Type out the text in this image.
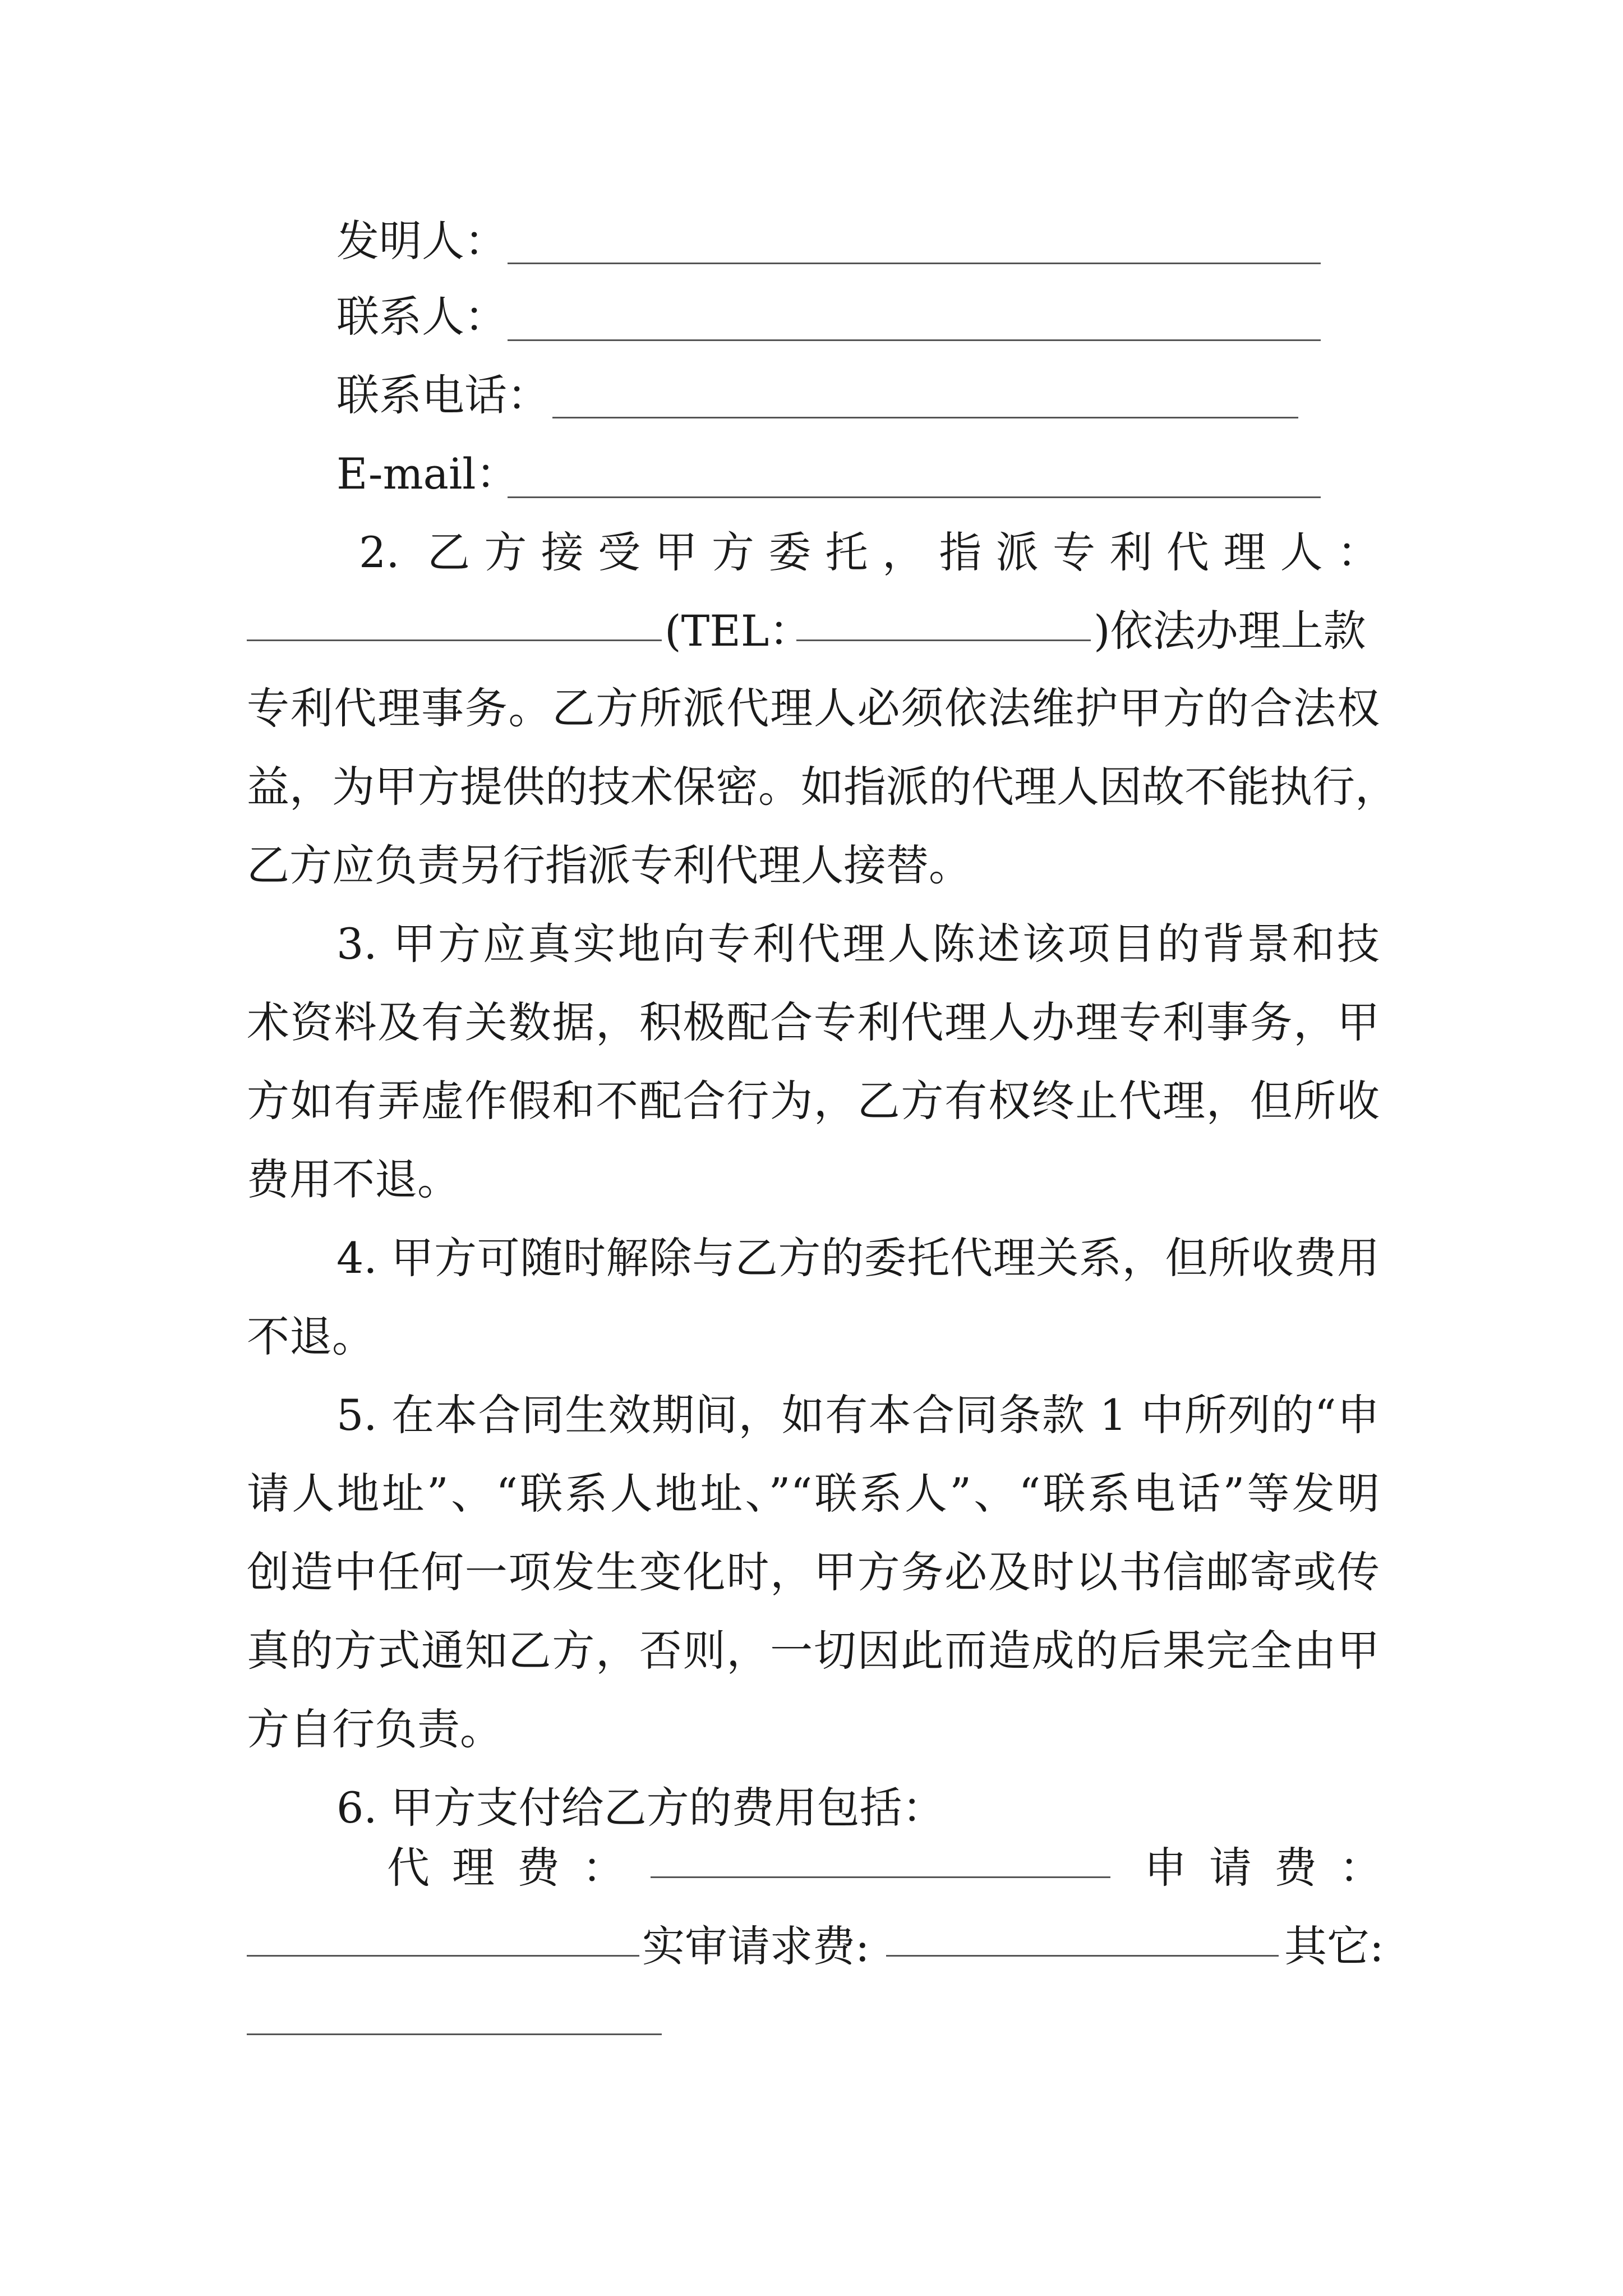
发明人：
联系人：
联系电话：
E-mail：
2. 乙方接受甲方委托，指派专利代理人：
(TEL：	)依法办理上款
专利代理事务。乙方所派代理人必须依法维护甲方的合法权
益，为甲方提供的技术保密。如指派的代理人因故不能执行，
乙方应负责另行指派专利代理人接替。
3. 甲方应真实地向专利代理人陈述该项目的背景和技
术资料及有关数据，积极配合专利代理人办理专利事务，甲
方如有弄虚作假和不配合行为，乙方有权终止代理，但所收
费用不退。
4. 甲方可随时解除与乙方的委托代理关系，但所收费用
不退。
5. 在本合同生效期间，如有本合同条款 1 中所列的“申
请人地址”、“联系人地址、”“联系人”、“联系电话”等发明
创造中任何一项发生变化时，甲方务必及时以书信邮寄或传
真的方式通知乙方，否则，一切因此而造成的后果完全由甲
方自行负责。
6. 甲方支付给乙方的费用包括：
代理费：	申请费：
实审请求费:	其它:
